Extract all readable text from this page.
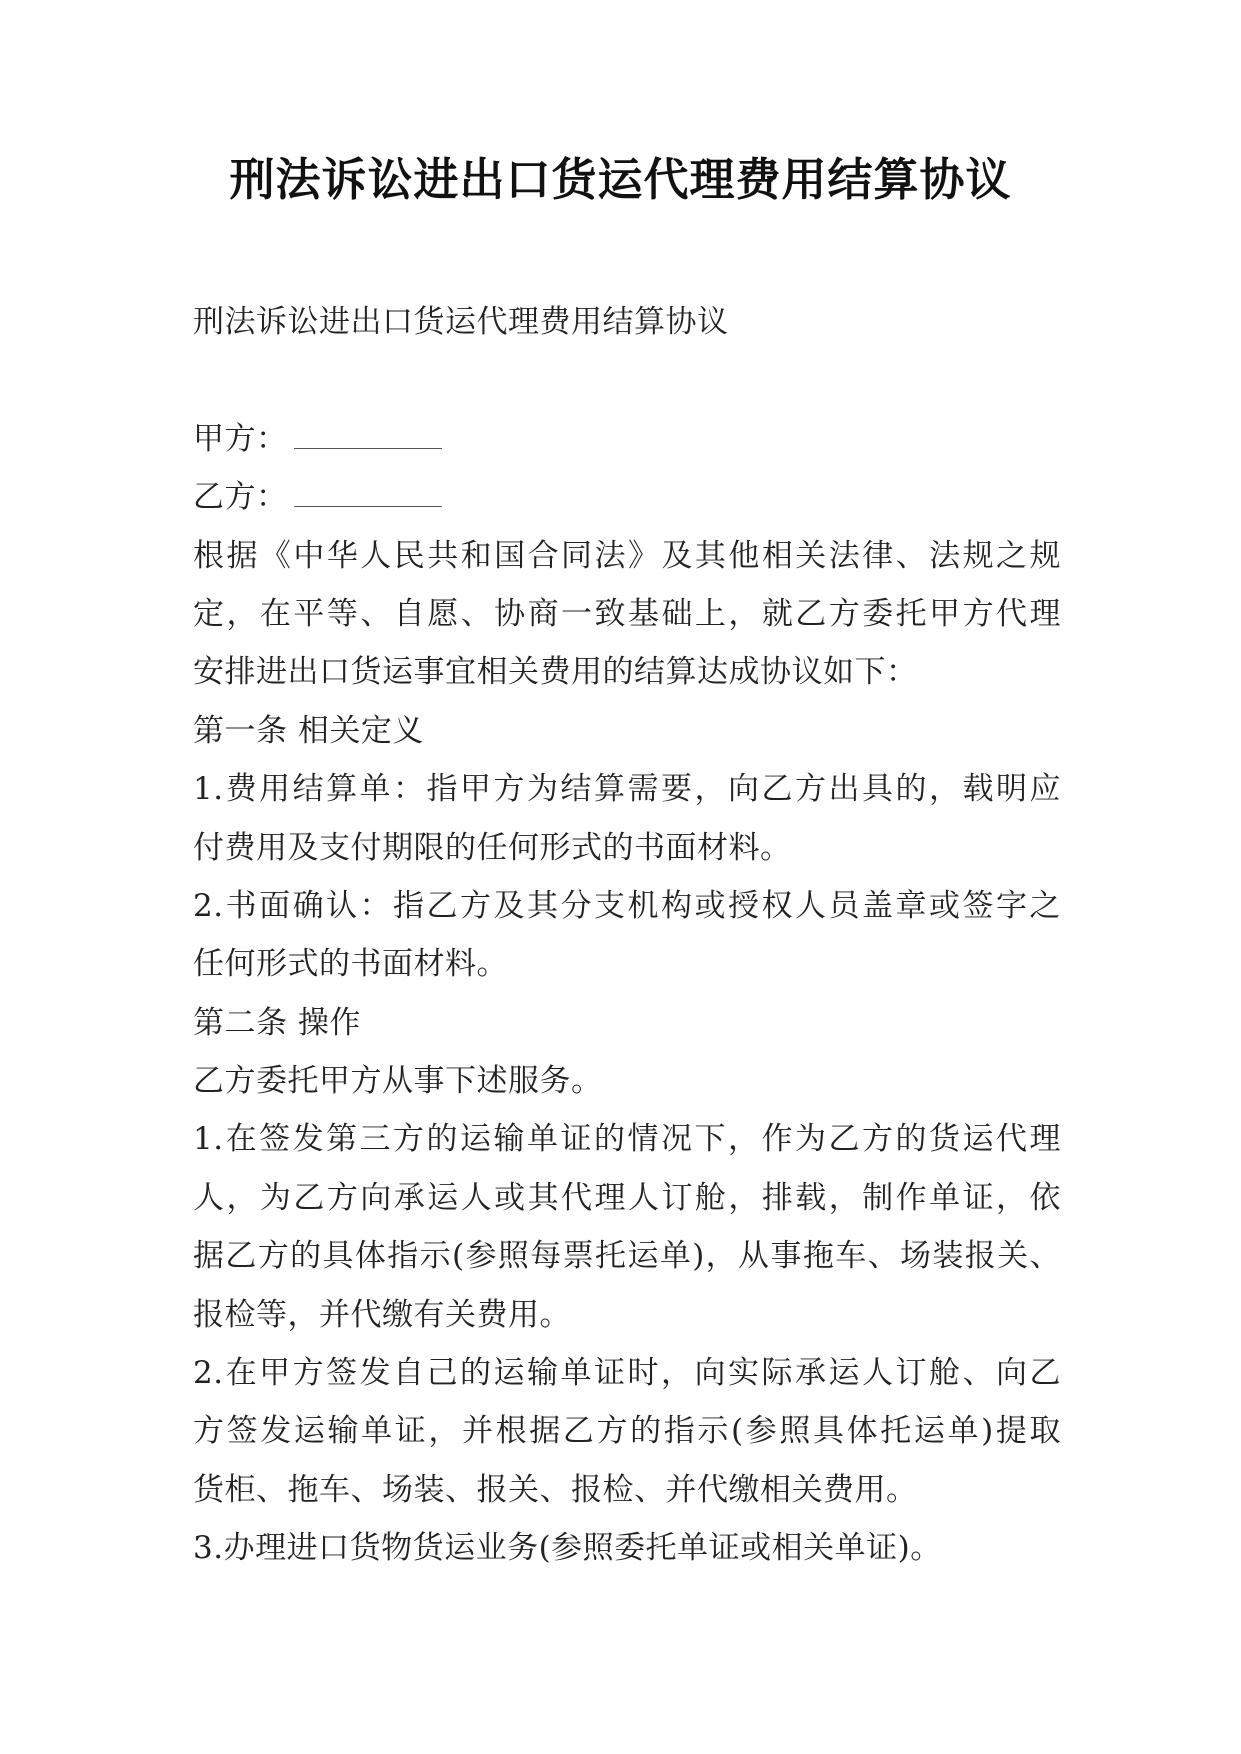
刑法诉讼进出口货运代理费用结算协议
刑法诉讼进出口货运代理费用结算协议
甲方：
乙方：
根据《中华人民共和国合同法》及其他相关法律、法规之规
定，在平等、自愿、协商一致基础上，就乙方委托甲方代理
安排进出口货运事宜相关费用的结算达成协议如下：
第一条 相关定义
1.费用结算单：指甲方为结算需要，向乙方出具的，载明应
付费用及支付期限的任何形式的书面材料。
2.书面确认：指乙方及其分支机构或授权人员盖章或签字之
任何形式的书面材料。
第二条 操作
乙方委托甲方从事下述服务。
1.在签发第三方的运输单证的情况下，作为乙方的货运代理
人，为乙方向承运人或其代理人订舱，排载，制作单证，依
据乙方的具体指示(参照每票托运单)，从事拖车、场装报关、
报检等，并代缴有关费用。
2.在甲方签发自己的运输单证时，向实际承运人订舱、向乙
方签发运输单证，并根据乙方的指示(参照具体托运单)提取
货柜、拖车、场装、报关、报检、并代缴相关费用。
3.办理进口货物货运业务(参照委托单证或相关单证)。
